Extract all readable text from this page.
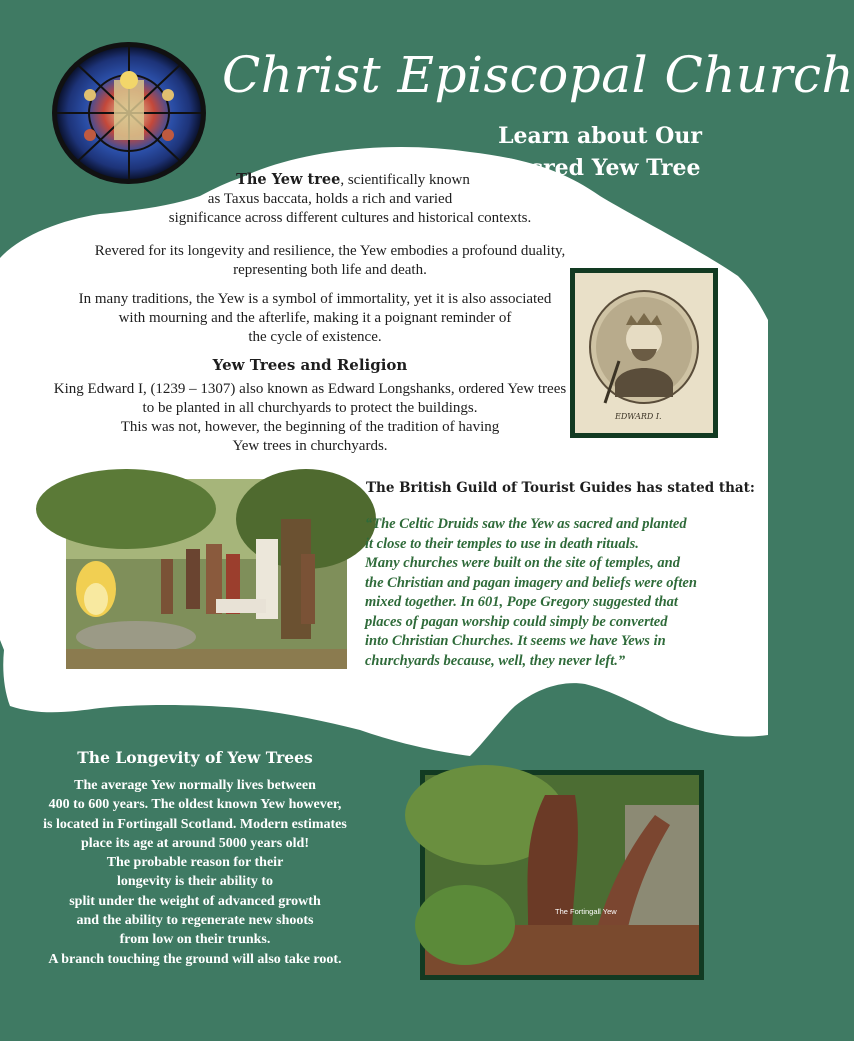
Christ Episcopal Church
Learn about Our
Sacred Yew Tree
The Yew tree, scientifically known
as Taxus baccata, holds a rich and varied
significance across different cultures and historical contexts.
Revered for its longevity and resilience, the Yew embodies a profound duality,
representing both life and death.
In many traditions, the Yew is a symbol of immortality, yet it is also associated
with mourning and the afterlife, making it a poignant reminder of
the cycle of existence.
Yew Trees and Religion
King Edward I, (1239 – 1307) also known as Edward Longshanks, ordered Yew trees
to be planted in all churchyards to protect the buildings.
This was not, however, the beginning of the tradition of having
Yew trees in churchyards.
EDWARD I.
The British Guild of Tourist Guides has stated that:
“The Celtic Druids saw the Yew as sacred and planted
it close to their temples to use in death rituals.
Many churches were built on the site of temples, and
the Christian and pagan imagery and beliefs were often
mixed together. In 601, Pope Gregory suggested that
places of pagan worship could simply be converted
into Christian Churches. It seems we have Yews in
churchyards because, well, they never left.”
The Longevity of Yew Trees
The average Yew normally lives between
400 to 600 years. The oldest known Yew however,
is located in Fortingall Scotland. Modern estimates
place its age at around 5000 years old!
The probable reason for their
longevity is their ability to
split under the weight of advanced growth
and the ability to regenerate new shoots
from low on their trunks.
A branch touching the ground will also take root.
The Fortingall Yew
